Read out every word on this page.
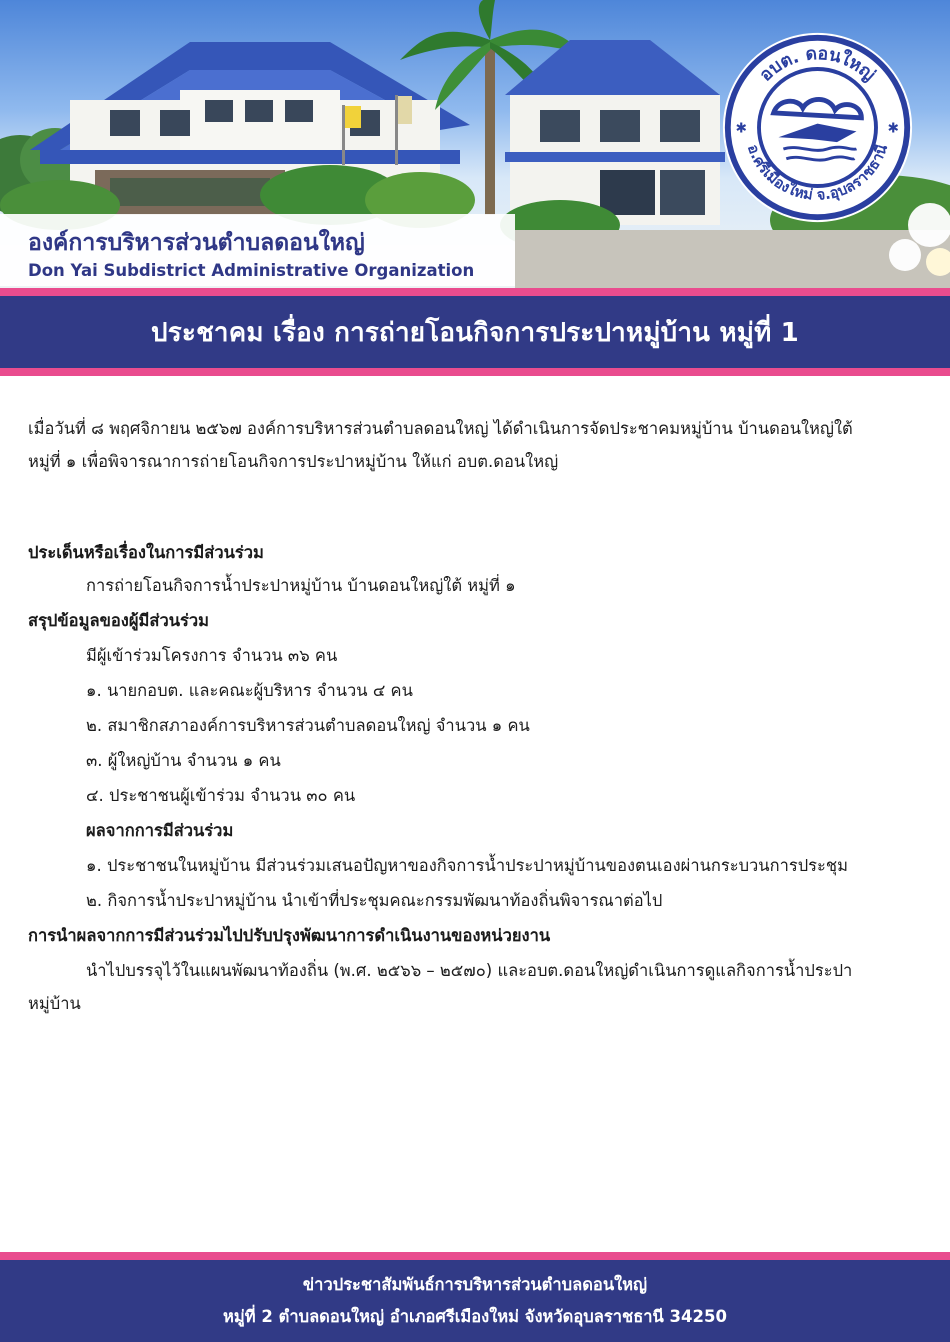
องค์การบริหารส่วนตำบลดอนใหญ่

Don Yai Subdistrict Administrative Organization

อบต. ดอนใหญ่
อ.ศรีเมืองใหม่ จ.อุบลราชธานี
✱	✱
ประชาคม เรื่อง การถ่ายโอนกิจการประปาหมู่บ้าน หมู่ที่ 1

เมื่อวันที่ ๘ พฤศจิกายน ๒๕๖๗ องค์การบริหารส่วนตำบลดอนใหญ่ ได้ดำเนินการจัดประชาคมหมู่บ้าน บ้านดอนใหญ่ใต้

หมู่ที่ ๑ เพื่อพิจารณาการถ่ายโอนกิจการประปาหมู่บ้าน ให้แก่ อบต.ดอนใหญ่

ประเด็นหรือเรื่องในการมีส่วนร่วม

การถ่ายโอนกิจการน้ำประปาหมู่บ้าน บ้านดอนใหญ่ใต้ หมู่ที่ ๑

สรุปข้อมูลของผู้มีส่วนร่วม

มีผู้เข้าร่วมโครงการ จำนวน ๓๖ คน

๑. นายกอบต. และคณะผู้บริหาร จำนวน ๔ คน

๒. สมาชิกสภาองค์การบริหารส่วนตำบลดอนใหญ่ จำนวน ๑ คน

๓. ผู้ใหญ่บ้าน จำนวน ๑ คน

๔. ประชาชนผู้เข้าร่วม จำนวน ๓๐ คน

ผลจากการมีส่วนร่วม

๑. ประชาชนในหมู่บ้าน มีส่วนร่วมเสนอปัญหาของกิจการน้ำประปาหมู่บ้านของตนเองผ่านกระบวนการประชุม

๒. กิจการน้ำประปาหมู่บ้าน นำเข้าที่ประชุมคณะกรรมพัฒนาท้องถิ่นพิจารณาต่อไป

การนำผลจากการมีส่วนร่วมไปปรับปรุงพัฒนาการดำเนินงานของหน่วยงาน

นำไปบรรจุไว้ในแผนพัฒนาท้องถิ่น (พ.ศ. ๒๕๖๖ – ๒๕๗๐) และอบต.ดอนใหญ่ดำเนินการดูแลกิจการน้ำประปา

หมู่บ้าน

ข่าวประชาสัมพันธ์การบริหารส่วนตำบลดอนใหญ่
หมู่ที่ 2 ตำบลดอนใหญ่ อำเภอศรีเมืองใหม่ จังหวัดอุบลราชธานี 34250
